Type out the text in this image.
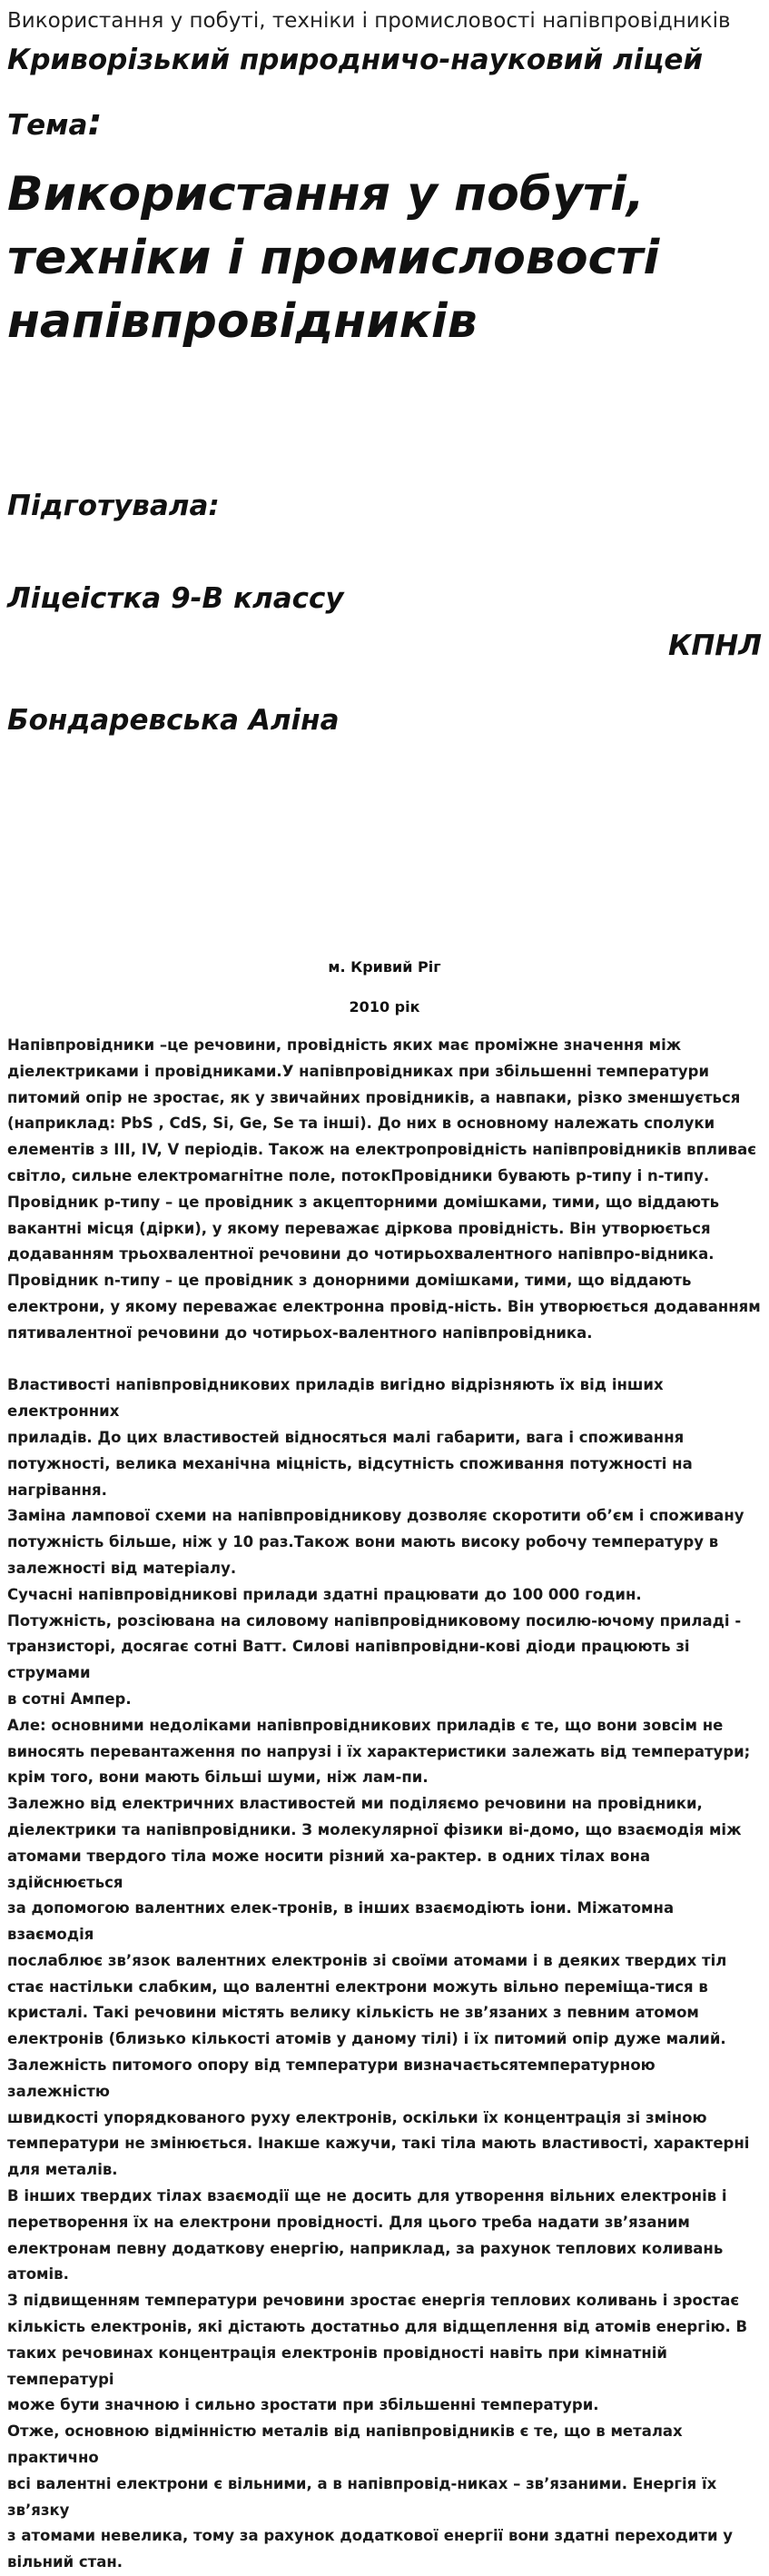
Використання у побуті, техніки і промисловості напівпровідників
Криворізький природничо-науковий ліцей
Тема:
Використання у побуті,
техніки і промисловості
напівпровідників
Підготувала:
Ліцеістка 9-В классу
КПНЛ
Бондаревська Аліна
м. Кривий Ріг
2010 рік

Напівпровідники –це речовини, провідність яких має проміжне значення між

діелектриками і провідниками.У напівпровідниках при збільшенні температури

питомий опір не зростає, як у звичайних провідників, а навпаки, різко зменшується

(наприклад: PbS , CdS, Si, Ge, Se та інші). До них в основному належать сполуки

елементів з III, IV, V періодів. Також на електропровідність напівпровідників впливає

світло, сильне електромагнітне поле, потокПровідники бувають p-типу і n-типу.

Провідник p-типу – це провідник з акцепторними домішками, тими, що віддають

вакантні місця (дірки), у якому переважає діркова провідність. Він утворюється

додаванням трьохвалентної речовини до чотирьохвалентного напівпро-відника.

Провідник n-типу – це провідник з донорними домішками, тими, що віддають

електрони, у якому переважає електронна провід-ність. Він утворюється додаванням

пятивалентної речовини до чотирьох-валентного напівпровідника.

Властивості напівпровідникових приладів вигідно відрізняють їх від інших електронних

приладів. До цих властивостей відносяться малі габарити, вага і споживання

потужності, велика механічна міцність, відсутність споживання потужності на

нагрівання.

Заміна лампової схеми на напівпровідникову дозволяє скоротити об’єм і споживану

потужність більше, ніж у 10 раз.Також вони мають високу робочу температуру в

залежності від матеріалу.

Сучасні напівпровідникові прилади здатні працювати до 100 000 годин.

Потужність, розсіювана на силовому напівпровідниковому посилю-ючому приладі -

транзисторі, досягає сотні Ватт. Силові напівпровідни-кові діоди працюють зі струмами

в сотні Ампер.

Але: основними недоліками напівпровідникових приладів є те, що вони зовсім не

виносять перевантаження по напрузі і їх характеристики залежать від температури;

крім того, вони мають більші шуми, ніж лам-пи.

Залежно від електричних властивостей ми поділяємо речовини на провідники,

діелектрики та напівпровідники. З молекулярної фізики ві-домо, що взаємодія між

атомами твердого тіла може носити різний ха-рактер. в одних тілах вона здійснюється

за допомогою валентних елек-тронів, в інших взаємодіють іони. Міжатомна взаємодія

послаблює зв’язок валентних електронів зі своїми атомами і в деяких твердих тіл

стає настільки слабким, що валентні електрони можуть вільно переміща-тися в

кристалі. Такі речовини містять велику кількість не зв’язаних з певним атомом

електронів (близько кількості атомів у даному тілі) і їх питомий опір дуже малий.

Залежність питомого опору від температури визначаєтьсятемпературною залежністю

швидкості упорядкованого руху електронів, оскільки їх концентрація зі зміною

температури не змінюється. Інакше кажучи, такі тіла мають властивості, характерні

для металів.

В інших твердих тілах взаємодії ще не досить для утворення вільних електронів і

перетворення їх на електрони провідності. Для цього треба надати зв’язаним

електронам певну додаткову енергію, наприклад, за рахунок теплових коливань

атомів.

З підвищенням температури речовини зростає енергія теплових коливань і зростає

кількість електронів, які дістають достатньо для відщеплення від атомів енергію. В

таких речовинах концентрація електронів провідності навіть при кімнатній температурі

може бути значною і сильно зростати при збільшенні температури.

Отже, основною відмінністю металів від напівпровідників є те, що в металах практично

всі валентні електрони є вільними, а в напівпровід-никах – зв’язаними. Енергія їх зв’язку

з атомами невелика, тому за рахунок додаткової енергії вони здатні переходити у

вільний стан.
